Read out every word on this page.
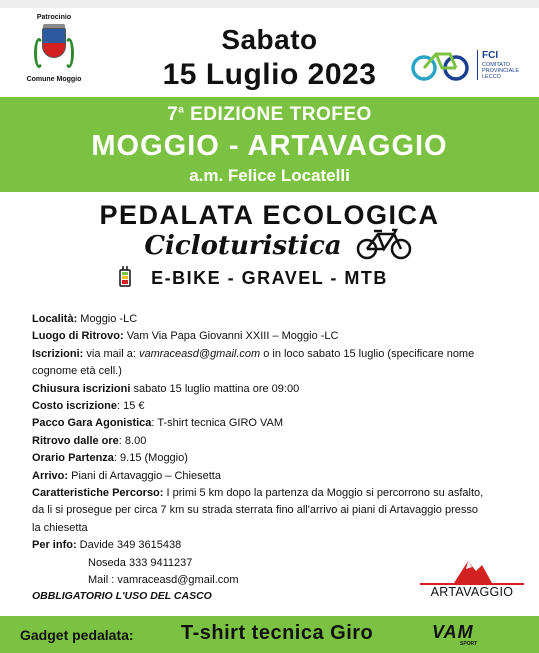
Patrocinio
Comune Moggio
Sabato
15 Luglio 2023
FCI
COMITATO PROVINCIALE LECCO
7$^a$ EDIZIONE TROFEO
MOGGIO - ARTAVAGGIO
a.m. Felice Locatelli
PEDALATA ECOLOGICA
Cicloturistica
E-BIKE - GRAVEL - MTB
Località: Moggio -LC
Luogo di Ritrovo: Vam Via Papa Giovanni XXIII – Moggio -LC
Iscrizioni: via mail a: vamraceasd@gmail.com o in loco sabato 15 luglio (specificare nome
cognome età cell.)
Chiusura iscrizioni sabato 15 luglio mattina ore 09:00
Costo iscrizione: 15 €
Pacco Gara Agonistica: T-shirt tecnica GIRO VAM
Ritrovo dalle ore: 8.00
Orario Partenza: 9.15 (Moggio)
Arrivo: Piani di Artavaggio – Chiesetta
Caratteristiche Percorso: I primi 5 km dopo la partenza da Moggio si percorrono su asfalto,
da li si prosegue per circa 7 km su strada sterrata fino all'arrivo ai piani di Artavaggio presso
la chiesetta
Per info: Davide 349 3615438
Noseda 333 9411237
Mail : vamraceasd@gmail.com
OBBLIGATORIO L'USO DEL CASCO	ARTAVAGGIO
Gadget pedalata: T-shirt tecnica Giro	VAM
SPORT
